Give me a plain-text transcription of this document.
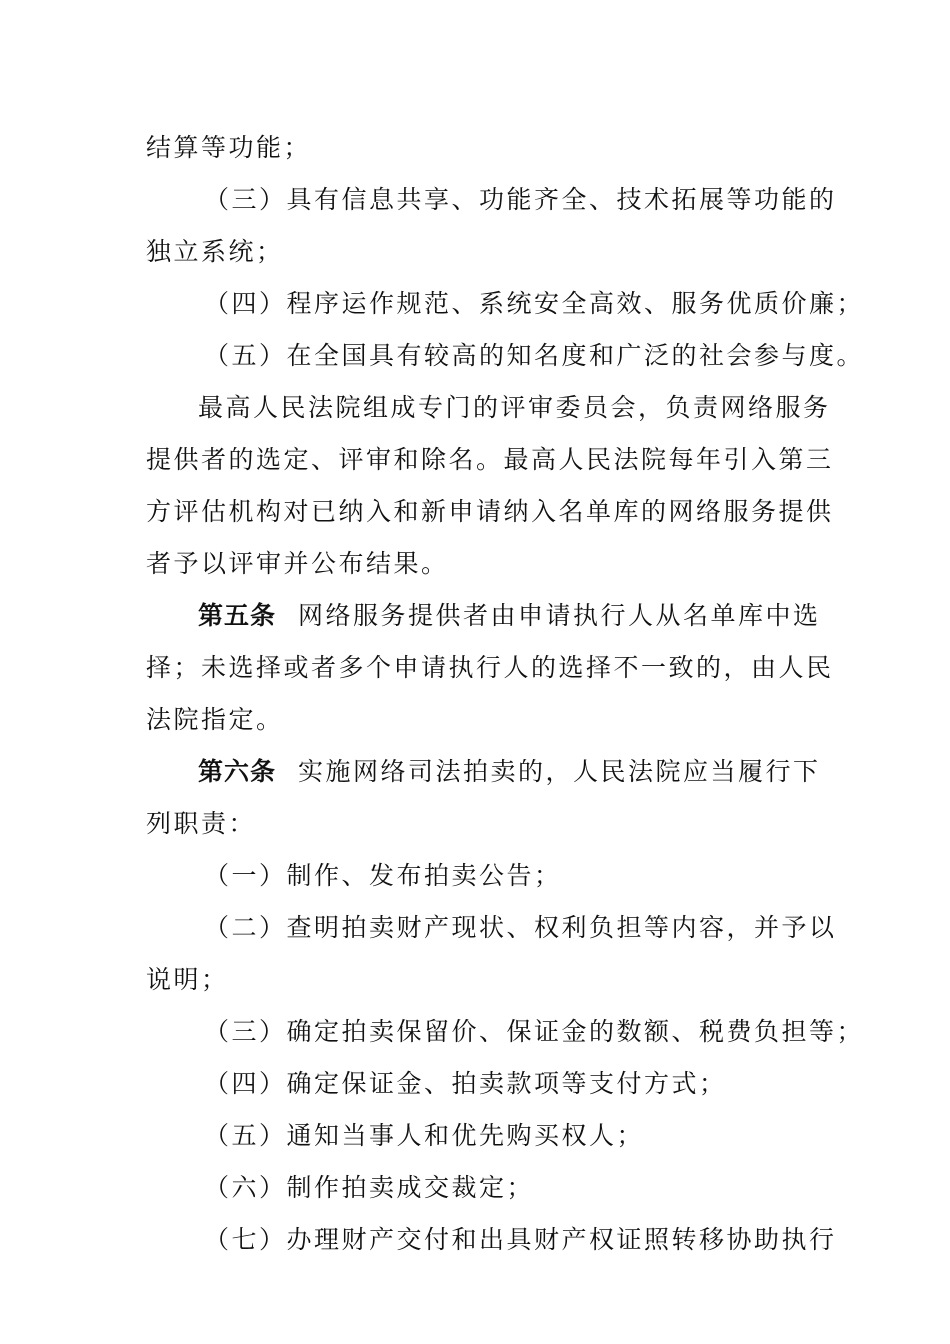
结算等功能；
（三）具有信息共享、功能齐全、技术拓展等功能的
独立系统；
（四）程序运作规范、系统安全高效、服务优质价廉；
（五）在全国具有较高的知名度和广泛的社会参与度。
最高人民法院组成专门的评审委员会，负责网络服务
提供者的选定、评审和除名。最高人民法院每年引入第三
方评估机构对已纳入和新申请纳入名单库的网络服务提供
者予以评审并公布结果。
第五条 网络服务提供者由申请执行人从名单库中选
择；未选择或者多个申请执行人的选择不一致的，由人民
法院指定。
第六条 实施网络司法拍卖的，人民法院应当履行下
列职责：
（一）制作、发布拍卖公告；
（二）查明拍卖财产现状、权利负担等内容，并予以
说明；
（三）确定拍卖保留价、保证金的数额、税费负担等；
（四）确定保证金、拍卖款项等支付方式；
（五）通知当事人和优先购买权人；
（六）制作拍卖成交裁定；
（七）办理财产交付和出具财产权证照转移协助执行
